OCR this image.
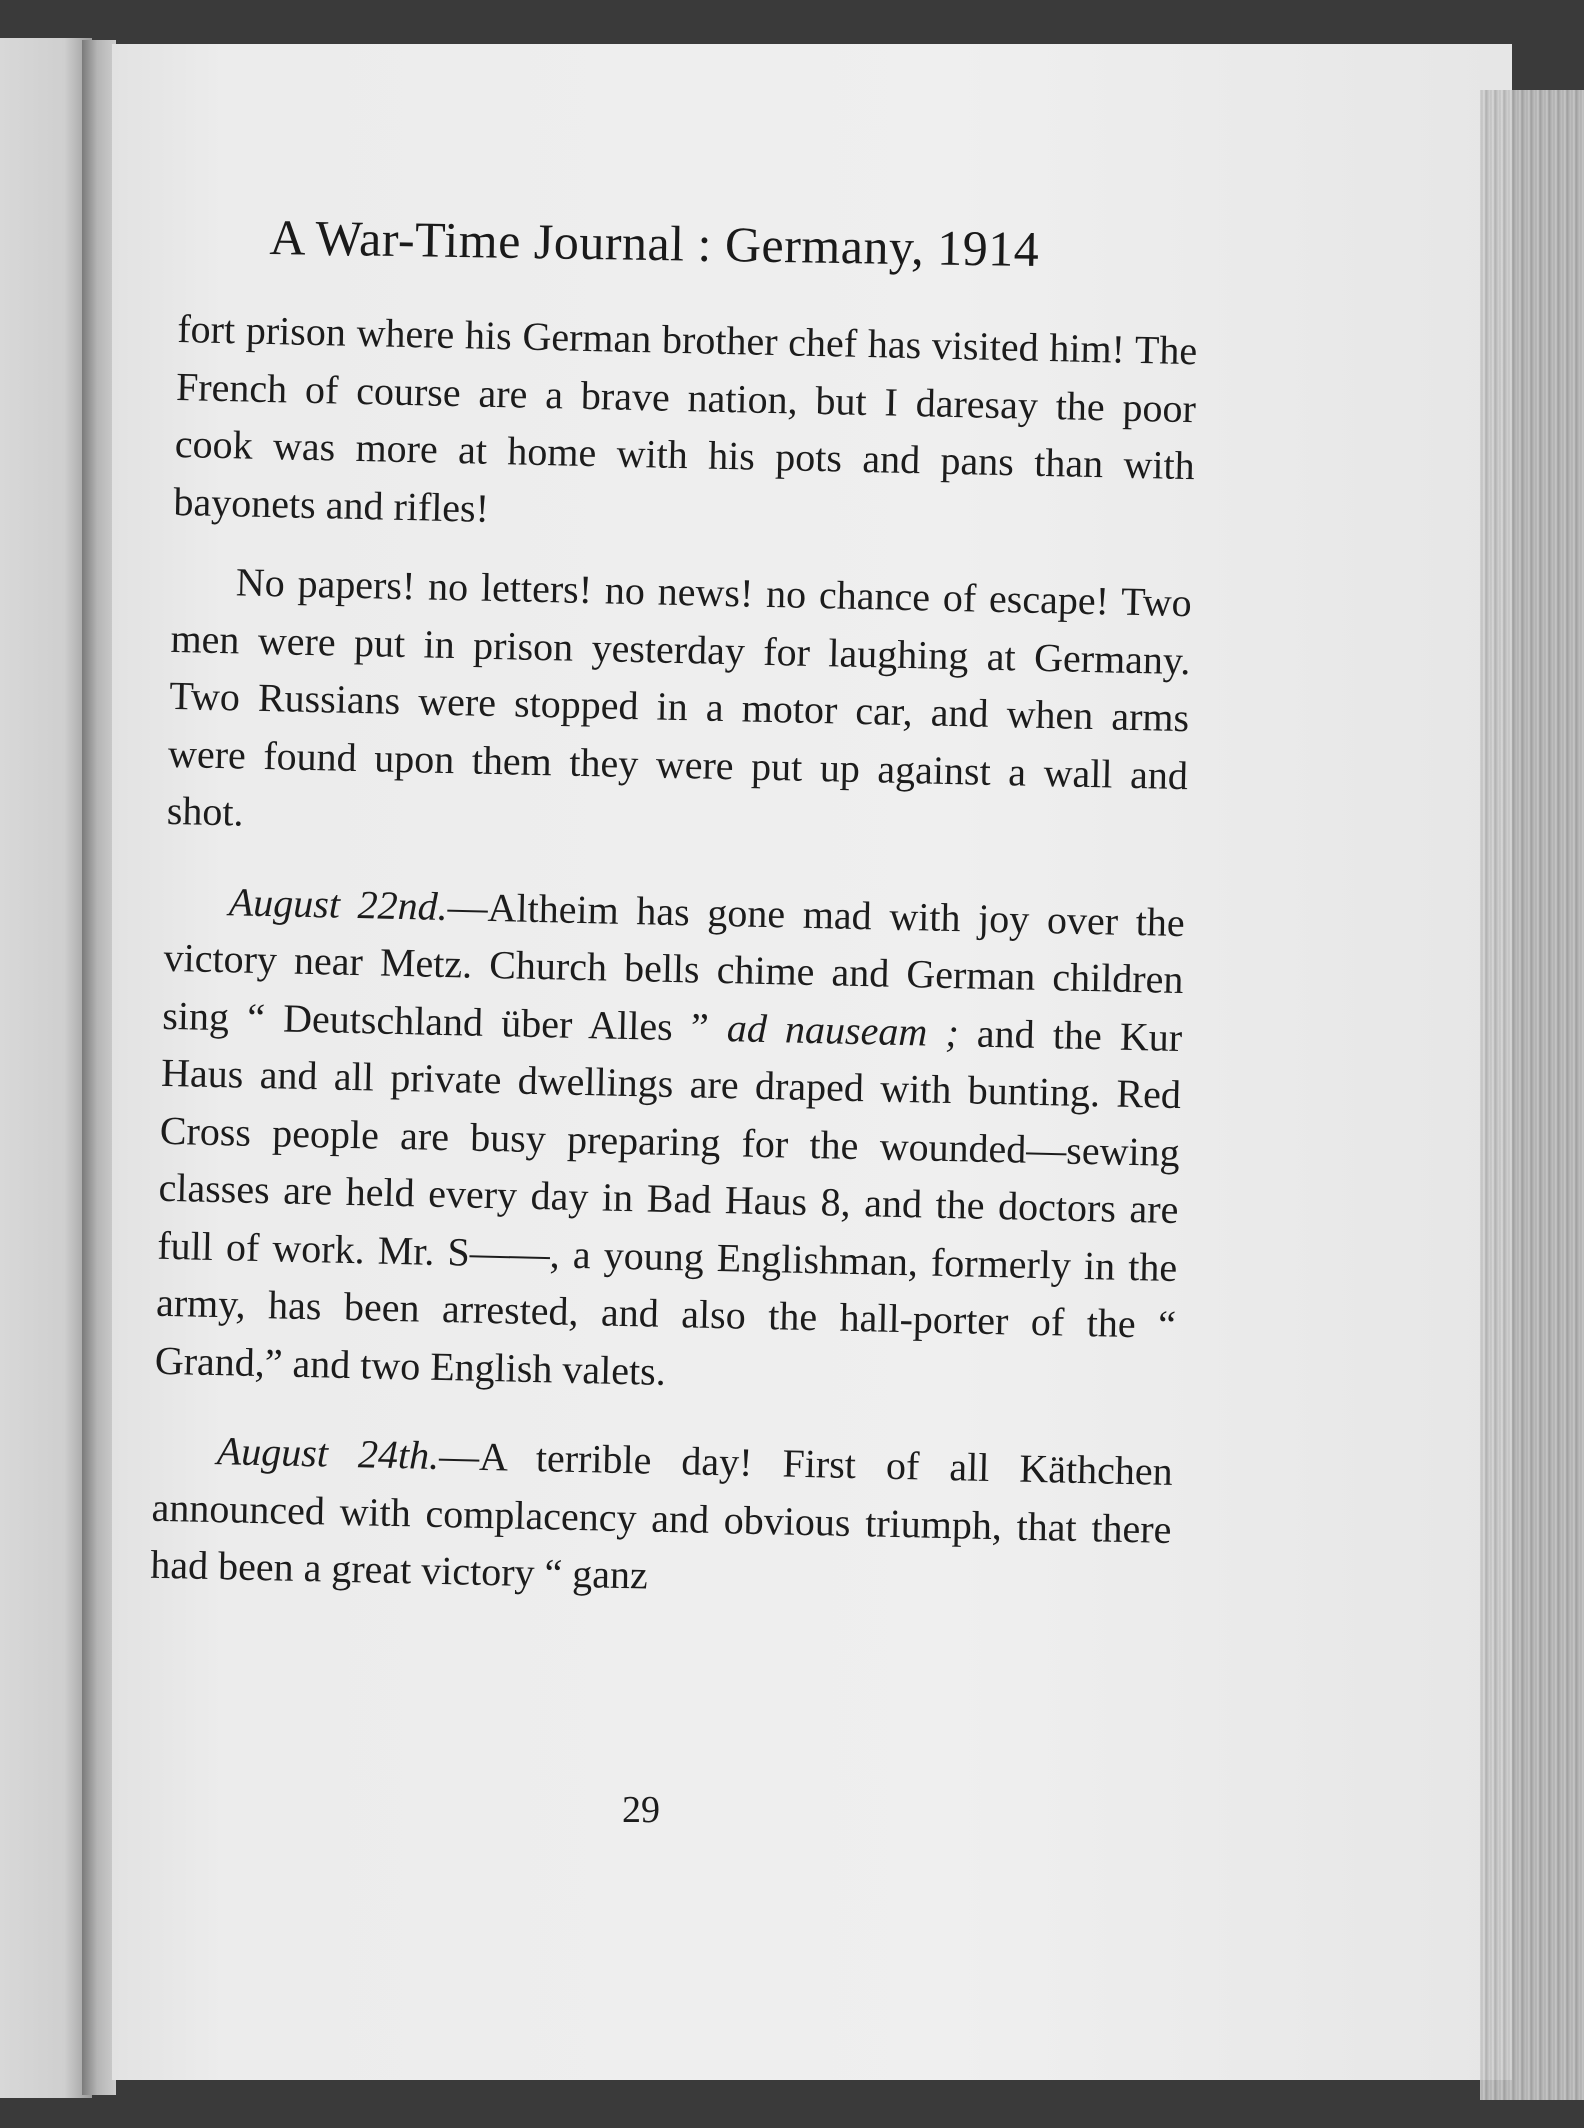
A War-Time Journal : Germany, 1914

fort prison where his German brother chef has visited him! The French of course are a brave nation, but I daresay the poor cook was more at home with his pots and pans than with bayonets and rifles!

No papers! no letters! no news! no chance of escape! Two men were put in prison yesterday for laughing at Germany. Two Russians were stopped in a motor car, and when arms were found upon them they were put up against a wall and shot.

August 22nd.—Altheim has gone mad with joy over the victory near Metz. Church bells chime and German children sing “ Deutschland über Alles ” ad nauseam ; and the Kur Haus and all private dwellings are draped with bunting. Red Cross people are busy preparing for the wounded—sewing classes are held every day in Bad Haus 8, and the doctors are full of work. Mr. S——, a young Englishman, formerly in the army, has been arrested, and also the hall-porter of the “ Grand,” and two English valets.

August 24th.—A terrible day! First of all Käthchen announced with complacency and obvious triumph, that there had been a great victory “ ganz

29
